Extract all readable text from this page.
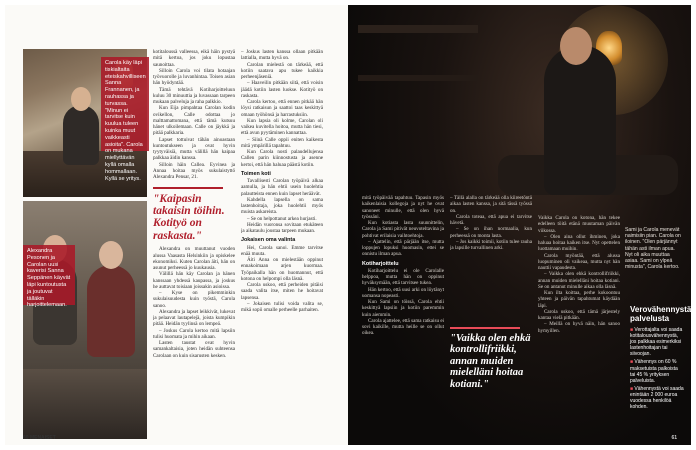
Carola käy läpi tiskialtaita eteiskahvilliseen Sanna Frannanen, ja rauhassa ja turvassa. "Minun ei tarvitse kuin kuulua tuleen kuinka muut vaikkeasti asioita". Carola on mukana miellyttävän kyllä omalla hommallaan. Kyllä se yritys.
Alexandra Pesonen ja Carolan uusi kaverisi Sanna Seppänen käyvät läpi kuntoutusta ja joutuvat tälläkin harjoittelemaan.

kotitaloussä valleessa, eikä häin pystyä mitä kertoa, jos joku lopustaa saunoittaa.

Silloin Carola voi tilata hotaajan työvuorolle ja luvanhintaa. Toisen asian hän hyödyntää.

Tämä tehtävä Kotiharjoitteluun kuluu 30 minuuttia ja luvassaan tarpeen mukaan palveluja ja raha palkkio.

Kun Eija pimpahtaa Carolan kodin ovikellon, Calle odottaa jo malttamattomana, että tämä kutsuu hänet ulkoilemaan. Calle on jäykkä ja pitää palkkaria.

Lapset tottuivat tähän ainoastaan kuntoutukseen ja ovat hyvin tyytyväisiä, mutta välillä hän kaipaa palkkaa äidin kanssa.

Silloin häin Callea. Eyvinea ja Annaa hoitaa myös sukulaistyttö Alexandra Pensar, 21.

Alexandra on muuttanut vuoden alussa Vaasasta Helsinkiin ja opiskelee ekonomiksi. Kuten Carolan äiti, hän on asunut perheessä jo kuukausia.

Välillä hän käy Carolan ja hänen kanssaan yhdessä kaupassa, ja joskus he auttavat toisiaan joissakin asioissa.

– Kyse on pikemminkin sukulaisuudesta kuin työstä, Carola sanoo.

Alexandra ja lapset leikkivät, lukevat ja pelaavat lautapelejä, joista kumpikin pitää. Heidän tyylinsä on lempeä.

– Joskus Carola kertoo mitä lapsiin tulisi huomata ja mihin aikaan.

Lasten taustat ovat hyvin samankaltaisia, joten heidän suhteensa Carolaan on kuin sisarusten kesken.

"Kaipasin takaisin töihin. Kotityö on raskasta."

– Joskus lasten kanssa ollaan pitkään lattialla, mutta hyvä on.

Carolan mielestä on tärkeää, että kotiin saatava apu tukee kaikkia perheenjäseniä.

– Haaveilin pitkään siitä, että voisin jäädä kotiin lasten luokse. Kotityö on raskasta.

Carola kertoo, että ennen pitkää hän löysi ratkaisun ja saattoi taas keskittyä omaan työhönsä ja harrastuksiin.

Kun lapsia oli kolme, Carolan oli vaikea kuvitella hoitoa, mutta hän tiesi, että avun pyytäminen kannattaa.

– Siinä Calle oppii eniten kaikesta mitä ympärillä tapahtuu.

Kun Carola nosti palaudellujensa Callen parin kiinnostusta ja asenne kertoi, että hän haluaa päästä kotiin.

Toimen koti

Tavallisesti Carolan työpäivä alkaa aamulla, ja hän ehtii usein huolehtia palautteista ennen kuin lapset heräävät.

Kahdella lapsella on sama lastenhoitaja, joka huolehtii myös muista askareista.

– Se on helpottanut arkea hurjasti.

Heidän vuoronsa sovitaan etukäteen ja aikataulu joustaa tarpeen mukaan.

Jokaisen oma valinta

Hei, Carola sanoi. Emme tarvitse enää muuta.

Äiti Anna on mielestään oppinut ennakoimaan arjen kuormaa. Työpaikalla hän on huomannut, että kotona on helpompi olla läsnä.

Carola uskoo, että perheiden pitäisi saada valita itse, miten he hoitavat lapsensa.

– Jokaisen tulisi voida valita se, mikä sopii omalle perheelle parhaiten.

60 MENAISET

mitä työpäivää tapahtuu. Tapasin myös kaikenlaisia kollegoja ja nyt he ovat sanoneet minulle, että olen hyvä työssäni.

Kun kotiasta lasta suunnittelin, Carola ja Sami pitivät neuvoteltavina ja pohtivat erilaisia vaihtoehtoja.

– Ajattelin, että pärjään itse, mutta loppujen lopuksi huomasin, ettei se onnistu ilman apua.

Kotiharjoittelu

Kotiharjoittelu ei ole Carolalle helppoa, mutta hän on oppinut hyväksymään, että tarvitsee tukea.

Hän kertoo, että uusi arki on löytänyt uomansa nopeasti.

Kun Sami on töissä, Carola ehtii keskittyä lapsiin ja kotiin paremmin kuin aiemmin.

Carola ajattelee, että sama ratkaisu ei sovi kaikille, mutta heille se on ollut oikea.

– Tällä alalla on tärkeää olla kiireetöntä aikaa lasten kanssa, ja sitä tässä työssä on.

Carola toteaa, että apua ei tarvitse hävetä.

– Se on ihan normaalia, kun perheessä on monta lasta.

– Jos kaikki toimii, kotiin tulee rauha ja lapsille turvallinen arki.

"Vaikka olen ehkä kontrollifriikki, annan muiden mielelläni hoitaa kotiani."

Vaikka Carola on kotona, hän tekee edelleen töitä etänä muutaman päivän viikossa.

– Olen aina ollut ihminen, joka haluaa hoitaa kaiken itse. Nyt opettelen luottamaan muihin.

Carola myöntää, että alussa luopuminen oli vaikeaa, mutta nyt hän nauttii vapaudesta.

– Vaikka olen ehkä kontrollifriikki, annan muiden mielelläni hoitaa kotiani. Se on antanut minulle aikaa olla läsnä.

Kun ilta koittaa, perhe kokoontuu yhteen ja päivän tapahtumat käydään läpi.

Carola uskoo, että tämä järjestely kantaa vielä pitkään.

– Meillä on hyvä näin, hän sanoo hymyillen.

Sami ja Carola menevät naimisiin pian. Carola on iloinen. "Olen pärjännyt tähän asti ilman apua. Nyt oli aika muuttaa asiaa. Sami on ylpeä minusta", Carola kertoo.
Verovähennystä palvelusta
■ Verottajalta voi saada kotitalousvähennystä, jos palkkaa esimerkiksi lastenhoitajan tai siivoojan.
■ Vähennys on 60 % maksetuista palkoista tai 45 % yrityksen palveluista.
■ Vähennystä voi saada enintään 2 000 euroa vuodessa henkilöä kohden.
61
